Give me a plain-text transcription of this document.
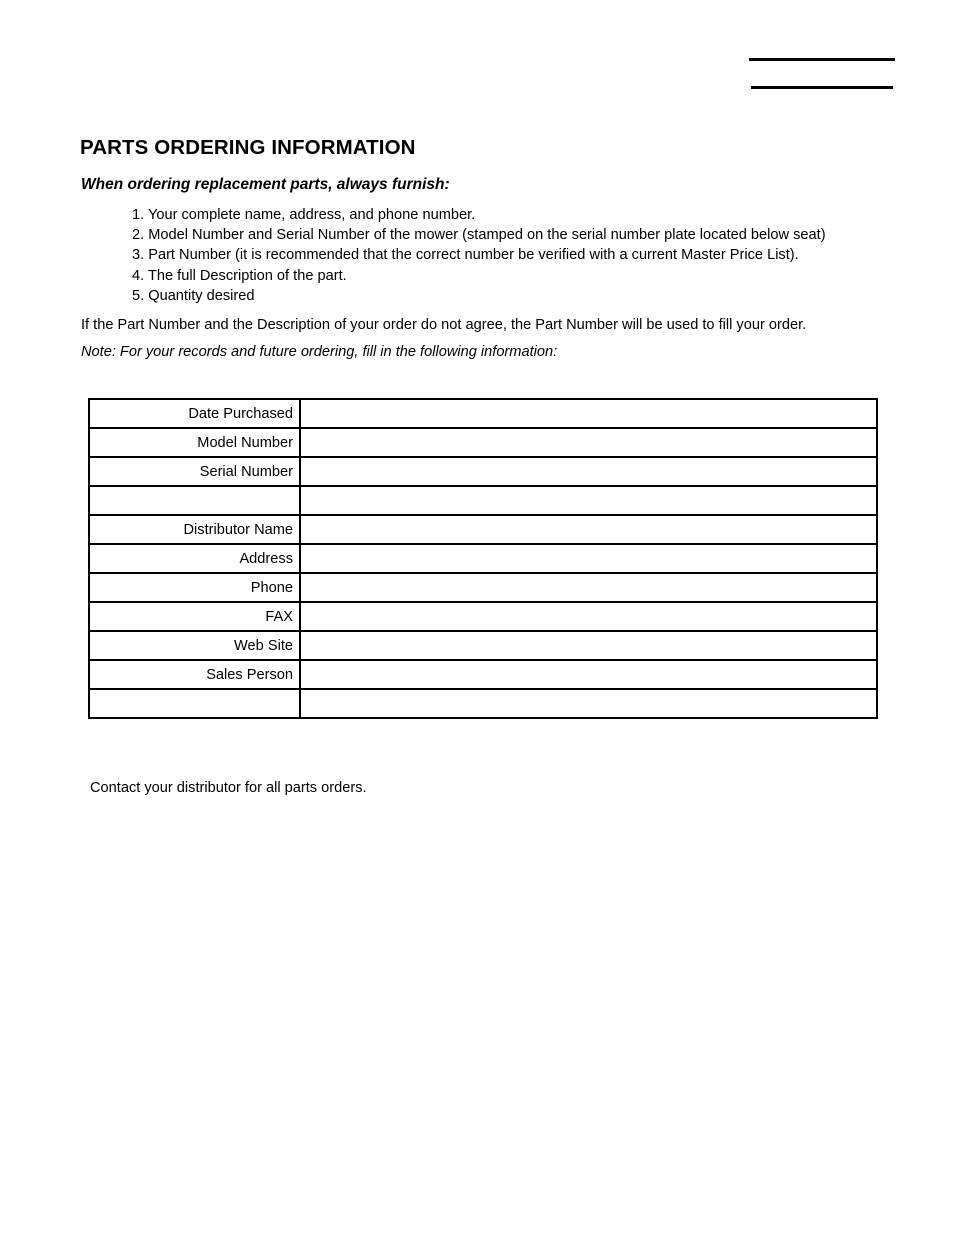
PARTS ORDERING INFORMATION

When ordering replacement parts, always furnish:

1. Your complete name, address, and phone number.
2. Model Number and Serial Number of the mower (stamped on the serial number plate located below seat)
3. Part Number (it is recommended that the correct number be verified with a current Master Price List).
4. The full Description of the part.
5. Quantity desired

If the Part Number and the Description of your order do not agree, the Part Number will be used to fill your order.

Note: For your records and future ordering, fill in the following information:

Date Purchased	
Model Number	
Serial Number	

Distributor Name	
Address	
Phone	
FAX	
Web Site	
Sales Person	

Contact your distributor for all parts orders.
